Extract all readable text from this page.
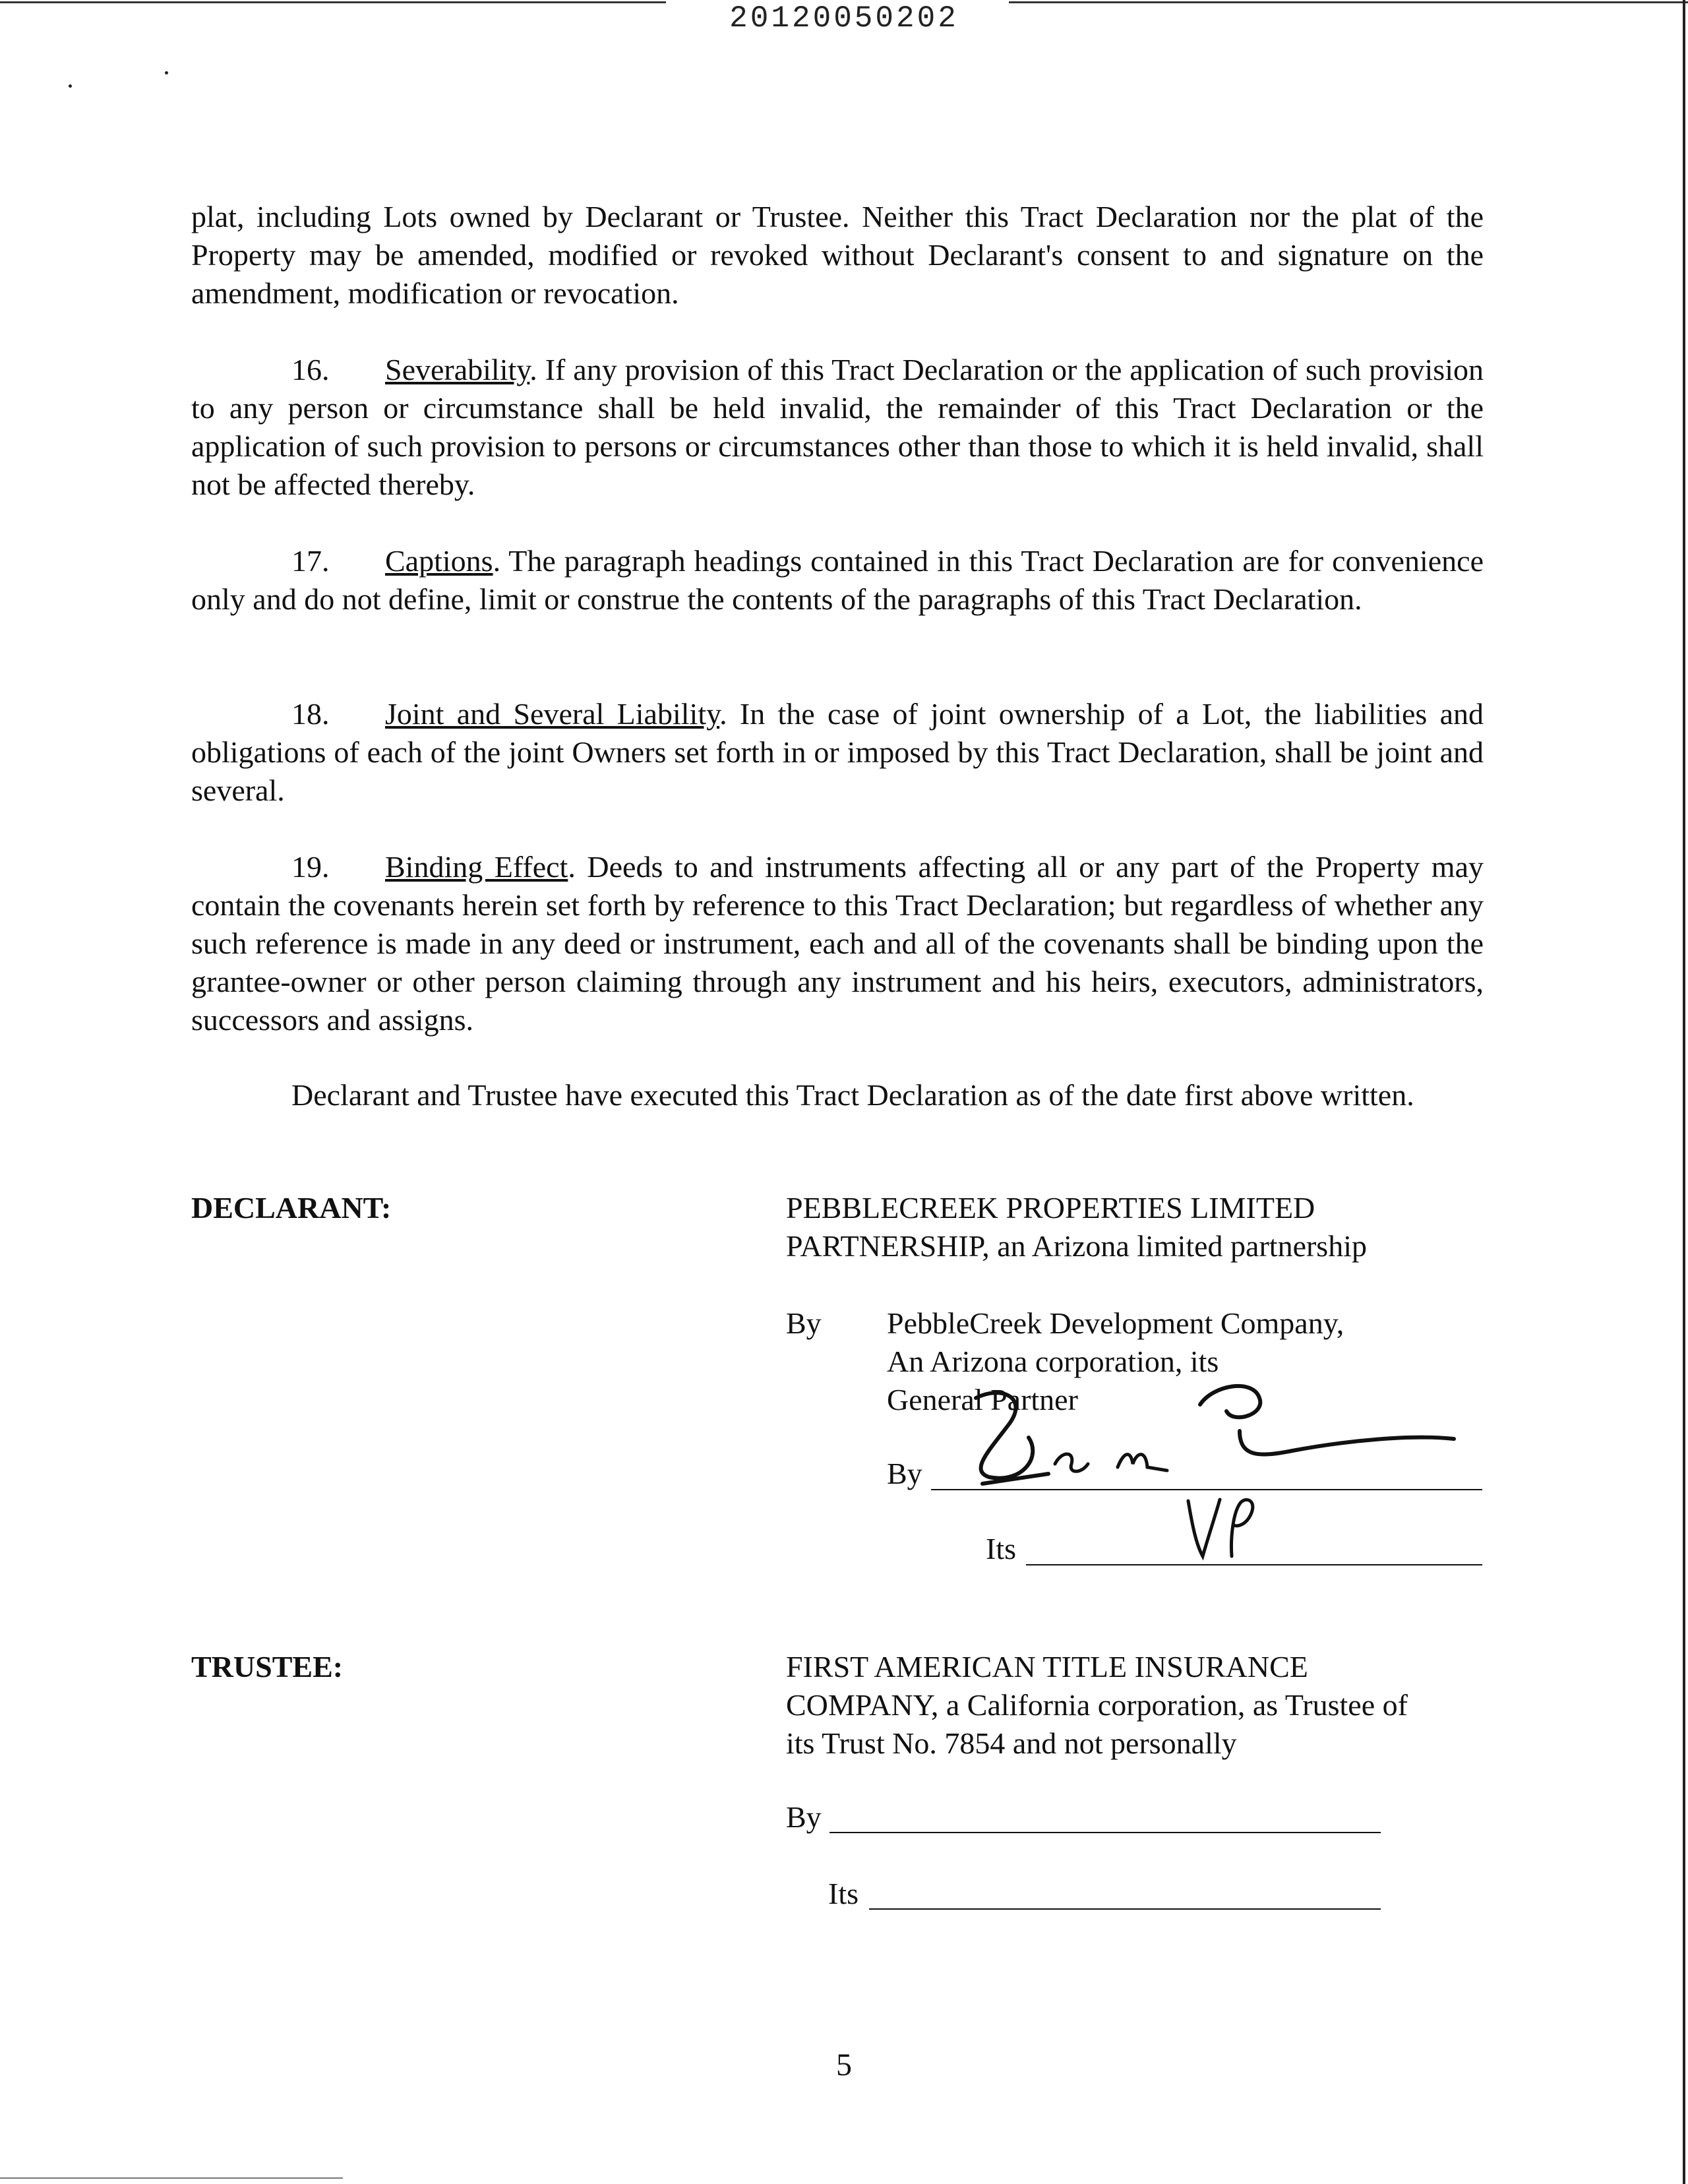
20120050202
plat, including Lots owned by Declarant or Trustee. Neither this Tract Declaration nor the plat of the Property may be amended, modified or revoked without Declarant's consent to and signature on the amendment, modification or revocation.
16. Severability. If any provision of this Tract Declaration or the application of such provision to any person or circumstance shall be held invalid, the remainder of this Tract Declaration or the application of such provision to persons or circumstances other than those to which it is held invalid, shall not be affected thereby.
17. Captions. The paragraph headings contained in this Tract Declaration are for convenience only and do not define, limit or construe the contents of the paragraphs of this Tract Declaration.
18. Joint and Several Liability. In the case of joint ownership of a Lot, the liabilities and obligations of each of the joint Owners set forth in or imposed by this Tract Declaration, shall be joint and several.
19. Binding Effect. Deeds to and instruments affecting all or any part of the Property may contain the covenants herein set forth by reference to this Tract Declaration; but regardless of whether any such reference is made in any deed or instrument, each and all of the covenants shall be binding upon the grantee-owner or other person claiming through any instrument and his heirs, executors, administrators, successors and assigns.
Declarant and Trustee have executed this Tract Declaration as of the date first above written.
DECLARANT:	PEBBLECREEK PROPERTIES LIMITED
PARTNERSHIP, an Arizona limited partnership
By PebbleCreek Development Company,
An Arizona corporation, its
General Partner
By
Its
TRUSTEE:	FIRST AMERICAN TITLE INSURANCE
COMPANY, a California corporation, as Trustee of
its Trust No. 7854 and not personally
By
Its
5
